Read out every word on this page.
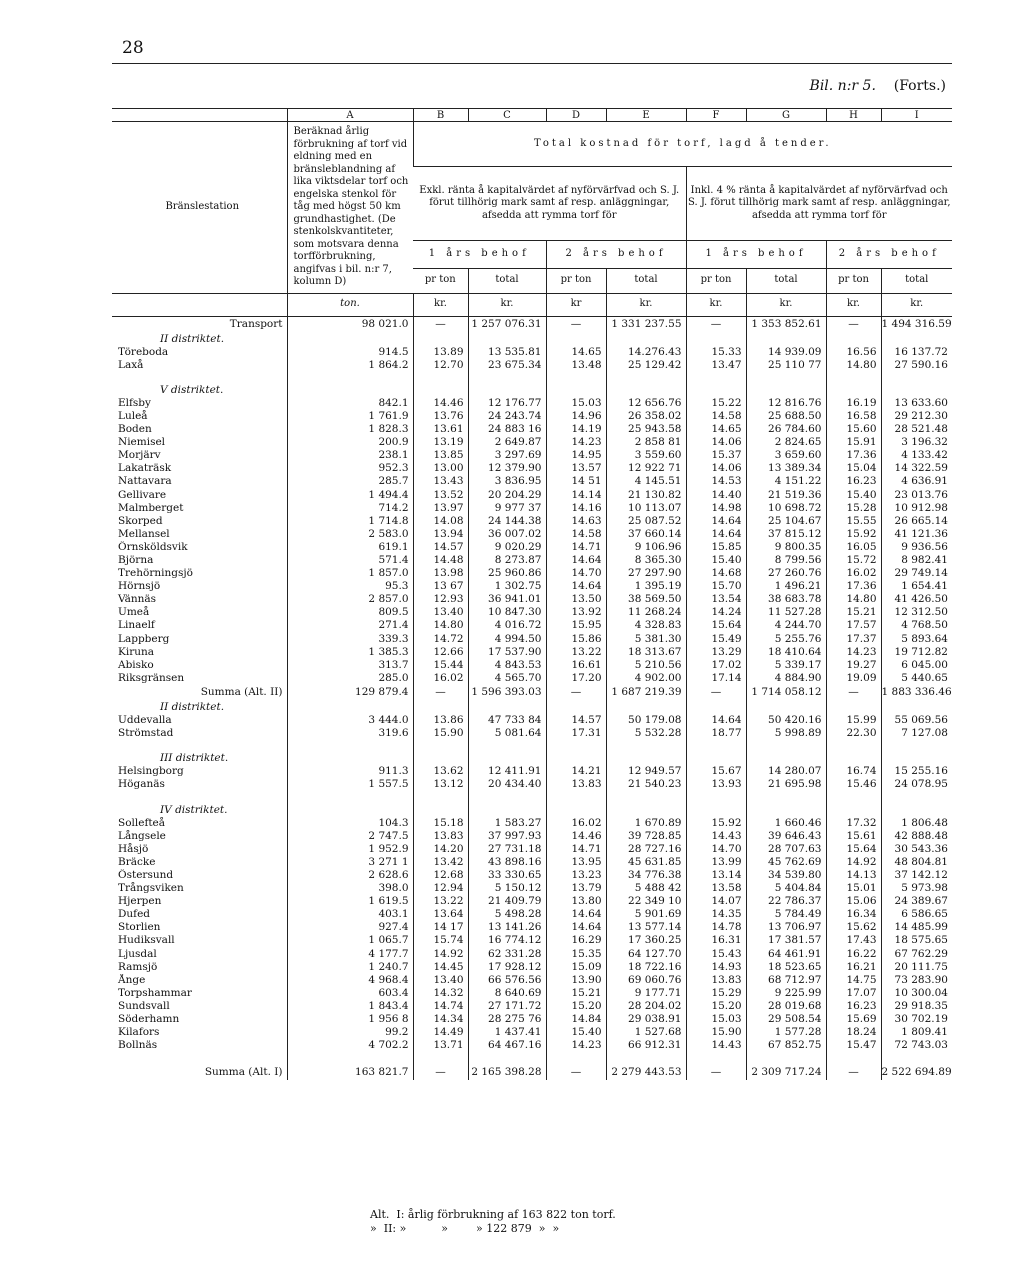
28
Bil. n:r 5. (Forts.)
	A	B	C	D	E	F	G	H	I
Bränslestation	Beräknad årlig förbrukning af torf vid eldning med en bränsleblandning af lika viktsdelar torf och engelska stenkol för tåg med högst 50 km grundhastighet. (De stenkolskvantiteter, som motsvara denna torfförbrukning, angifvas i bil. n:r 7, kolumn D)	Total kostnad för torf, lagd å tender.							
		Exkl. ränta å kapitalvärdet af nyförvärfvad och S. J. förut tillhörig mark samt af resp. anläggningar, afsedda att rymma torf för				Inkl. 4 % ränta å kapitalvärdet af nyförvärfvad och S. J. förut tillhörig mark samt af resp. anläggningar, afsedda att rymma torf för			
		1 års behof		2 års behof		1 års behof		2 års behof	
		pr ton	total	pr ton	total	pr ton	total	pr ton	total
	ton.	kr.	kr.	kr	kr.	kr.	kr.	kr.	kr.
Transport	98 021.0	—	1 257 076.31	—	1 331 237.55	—	1 353 852.61	—	1 494 316.59
II distriktet.									
Töreboda	914.5	13.89	13 535.81	14.65	14.276.43	15.33	14 939.09	16.56	16 137.72
Laxå	1 864.2	12.70	23 675.34	13.48	25 129.42	13.47	25 110 77	14.80	27 590.16

V distriktet.									
Elfsby	842.1	14.46	12 176.77	15.03	12 656.76	15.22	12 816.76	16.19	13 633.60
Luleå	1 761.9	13.76	24 243.74	14.96	26 358.02	14.58	25 688.50	16.58	29 212.30
Boden	1 828.3	13.61	24 883 16	14.19	25 943.58	14.65	26 784.60	15.60	28 521.48
Niemisel	200.9	13.19	2 649.87	14.23	2 858 81	14.06	2 824.65	15.91	3 196.32
Morjärv	238.1	13.85	3 297.69	14.95	3 559.60	15.37	3 659.60	17.36	4 133.42
Lakaträsk	952.3	13.00	12 379.90	13.57	12 922 71	14.06	13 389.34	15.04	14 322.59
Nattavara	285.7	13.43	3 836.95	14 51	4 145.51	14.53	4 151.22	16.23	4 636.91
Gellivare	1 494.4	13.52	20 204.29	14.14	21 130.82	14.40	21 519.36	15.40	23 013.76
Malmberget	714.2	13.97	9 977 37	14.16	10 113.07	14.98	10 698.72	15.28	10 912.98
Skorped	1 714.8	14.08	24 144.38	14.63	25 087.52	14.64	25 104.67	15.55	26 665.14
Mellansel	2 583.0	13.94	36 007.02	14.58	37 660.14	14.64	37 815.12	15.92	41 121.36
Örnsköldsvik	619.1	14.57	9 020.29	14.71	9 106.96	15.85	9 800.35	16.05	9 936.56
Björna	571.4	14.48	8 273.87	14.64	8 365.30	15.40	8 799.56	15.72	8 982.41
Trehörningsjö	1 857.0	13.98	25 960.86	14.70	27 297.90	14.68	27 260.76	16.02	29 749.14
Hörnsjö	95.3	13 67	1 302.75	14.64	1 395.19	15.70	1 496.21	17.36	1 654.41
Vännäs	2 857.0	12.93	36 941.01	13.50	38 569.50	13.54	38 683.78	14.80	41 426.50
Umeå	809.5	13.40	10 847.30	13.92	11 268.24	14.24	11 527.28	15.21	12 312.50
Linaelf	271.4	14.80	4 016.72	15.95	4 328.83	15.64	4 244.70	17.57	4 768.50
Lappberg	339.3	14.72	4 994.50	15.86	5 381.30	15.49	5 255.76	17.37	5 893.64
Kiruna	1 385.3	12.66	17 537.90	13.22	18 313.67	13.29	18 410.64	14.23	19 712.82
Abisko	313.7	15.44	4 843.53	16.61	5 210.56	17.02	5 339.17	19.27	6 045.00
Riksgränsen	285.0	16.02	4 565.70	17.20	4 902.00	17.14	4 884.90	19.09	5 440.65
Summa (Alt. II)	129 879.4	—	1 596 393.03	—	1 687 219.39	—	1 714 058.12	—	1 883 336.46
II distriktet.									
Uddevalla	3 444.0	13.86	47 733 84	14.57	50 179.08	14.64	50 420.16	15.99	55 069.56
Strömstad	319.6	15.90	5 081.64	17.31	5 532.28	18.77	5 998.89	22.30	7 127.08

III distriktet.									
Helsingborg	911.3	13.62	12 411.91	14.21	12 949.57	15.67	14 280.07	16.74	15 255.16
Höganäs	1 557.5	13.12	20 434.40	13.83	21 540.23	13.93	21 695.98	15.46	24 078.95

IV distriktet.									
Sollefteå	104.3	15.18	1 583.27	16.02	1 670.89	15.92	1 660.46	17.32	1 806.48
Långsele	2 747.5	13.83	37 997.93	14.46	39 728.85	14.43	39 646.43	15.61	42 888.48
Håsjö	1 952.9	14.20	27 731.18	14.71	28 727.16	14.70	28 707.63	15.64	30 543.36
Bräcke	3 271 1	13.42	43 898.16	13.95	45 631.85	13.99	45 762.69	14.92	48 804.81
Östersund	2 628.6	12.68	33 330.65	13.23	34 776.38	13.14	34 539.80	14.13	37 142.12
Trångsviken	398.0	12.94	5 150.12	13.79	5 488 42	13.58	5 404.84	15.01	5 973.98
Hjerpen	1 619.5	13.22	21 409.79	13.80	22 349 10	14.07	22 786.37	15.06	24 389.67
Dufed	403.1	13.64	5 498.28	14.64	5 901.69	14.35	5 784.49	16.34	6 586.65
Storlien	927.4	14 17	13 141.26	14.64	13 577.14	14.78	13 706.97	15.62	14 485.99
Hudiksvall	1 065.7	15.74	16 774.12	16.29	17 360.25	16.31	17 381.57	17.43	18 575.65
Ljusdal	4 177.7	14.92	62 331.28	15.35	64 127.70	15.43	64 461.91	16.22	67 762.29
Ramsjö	1 240.7	14.45	17 928.12	15.09	18 722.16	14.93	18 523.65	16.21	20 111.75
Ånge	4 968.4	13.40	66 576.56	13.90	69 060.76	13.83	68 712.97	14.75	73 283.90
Torpshammar	603.4	14.32	8 640.69	15.21	9 177.71	15.29	9 225.99	17.07	10 300.04
Sundsvall	1 843.4	14.74	27 171.72	15.20	28 204.02	15.20	28 019.68	16.23	29 918.35
Söderhamn	1 956 8	14.34	28 275 76	14.84	29 038.91	15.03	29 508.54	15.69	30 702.19
Kilafors	99.2	14.49	1 437.41	15.40	1 527.68	15.90	1 577.28	18.24	1 809.41
Bollnäs	4 702.2	13.71	64 467.16	14.23	66 912.31	14.43	67 852.75	15.47	72 743.03

Summa (Alt. I)	163 821.7	—	2 165 398.28	—	2 279 443.53	—	2 309 717.24	—	2 522 694.89
Alt.  I: årlig förbrukning af 163 822 ton torf.
»  II: »          »        » 122 879  »  »
